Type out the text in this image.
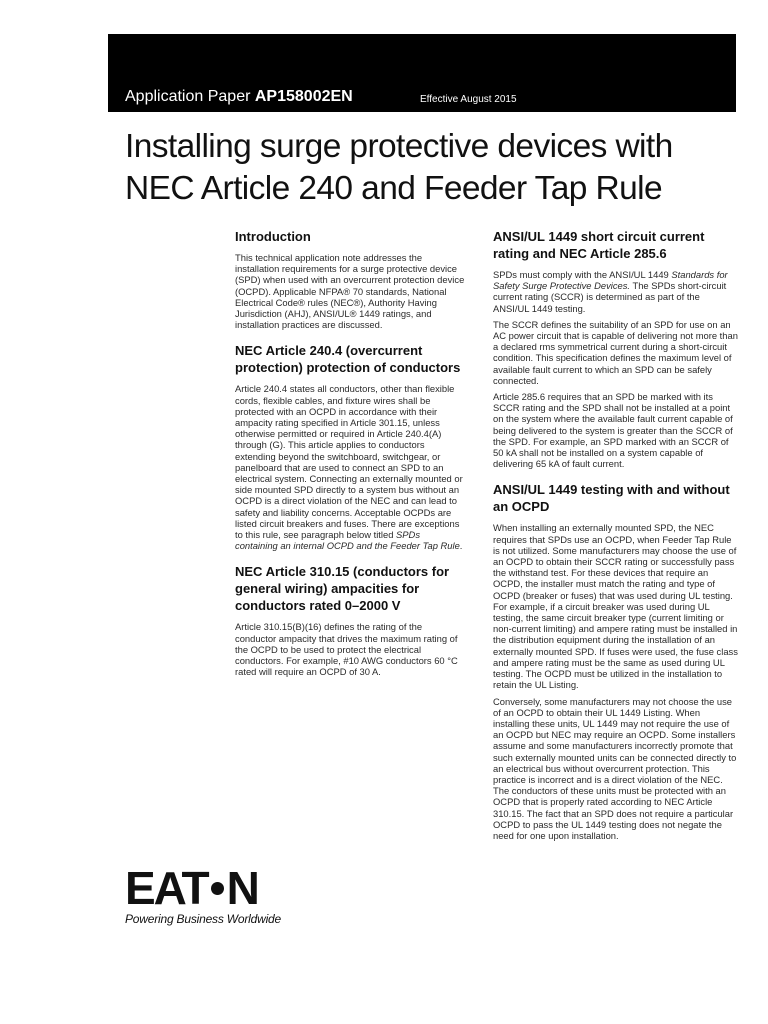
Application Paper AP158002EN	Effective August 2015
Installing surge protective devices with
NEC Article 240 and Feeder Tap Rule
Introduction

This technical application note addresses the installation requirements for a surge protective device (SPD) when used with an overcurrent protection device (OCPD). Applicable NFPA® 70 standards, National Electrical Code® rules (NEC®), Authority Having Jurisdiction (AHJ), ANSI/UL® 1449 ratings, and installation practices are discussed.

NEC Article 240.4 (overcurrent protection) protection of conductors

Article 240.4 states all conductors, other than flexible cords, flexible cables, and fixture wires shall be protected with an OCPD in accordance with their ampacity rating specified in Article 301.15, unless otherwise permitted or required in Article 240.4(A) through (G). This article applies to conductors extending beyond the switchboard, switchgear, or panelboard that are used to connect an SPD to an electrical system. Connecting an externally mounted or side mounted SPD directly to a system bus without an OCPD is a direct violation of the NEC and can lead to safety and liability concerns. Acceptable OCPDs are listed circuit breakers and fuses. There are exceptions to this rule, see paragraph below titled SPDs containing an internal OCPD and the Feeder Tap Rule.

NEC Article 310.15 (conductors for general wiring) ampacities for conductors rated 0–2000 V

Article 310.15(B)(16) defines the rating of the conductor ampacity that drives the maximum rating of the OCPD to be used to protect the electrical conductors. For example, #10 AWG conductors 60 °C rated will require an OCPD of 30 A.

ANSI/UL 1449 short circuit current rating and NEC Article 285.6

SPDs must comply with the ANSI/UL 1449 Standards for Safety Surge Protective Devices. The SPDs short-circuit current rating (SCCR) is determined as part of the ANSI/UL 1449 testing.

The SCCR defines the suitability of an SPD for use on an AC power circuit that is capable of delivering not more than a declared rms symmetrical current during a short-circuit condition. This specification defines the maximum level of available fault current to which an SPD can be safely connected.

Article 285.6 requires that an SPD be marked with its SCCR rating and the SPD shall not be installed at a point on the system where the available fault current capable of being delivered to the system is greater than the SCCR of the SPD. For example, an SPD marked with an SCCR of 50 kA shall not be installed on a system capable of delivering 65 kA of fault current.

ANSI/UL 1449 testing with and without an OCPD

When installing an externally mounted SPD, the NEC requires that SPDs use an OCPD, when Feeder Tap Rule is not utilized. Some manufacturers may choose the use of an OCPD to obtain their SCCR rating or successfully pass the withstand test. For these devices that require an OCPD, the installer must match the rating and type of OCPD (breaker or fuses) that was used during UL testing. For example, if a circuit breaker was used during UL testing, the same circuit breaker type (current limiting or non-current limiting) and ampere rating must be installed in the distribution equipment during the installation of an externally mounted SPD. If fuses were used, the fuse class and ampere rating must be the same as used during UL testing. The OCPD must be utilized in the installation to retain the UL Listing.

Conversely, some manufacturers may not choose the use of an OCPD to obtain their UL 1449 Listing. When installing these units, UL 1449 may not require the use of an OCPD but NEC may require an OCPD. Some installers assume and some manufacturers incorrectly promote that such externally mounted units can be connected directly to an electrical bus without overcurrent protection. This practice is incorrect and is a direct violation of the NEC. The conductors of these units must be protected with an OCPD that is properly rated according to NEC Article 310.15. The fact that an SPD does not require a particular OCPD to pass the UL 1449 testing does not negate the need for one upon installation.

EAT N
Powering Business Worldwide
